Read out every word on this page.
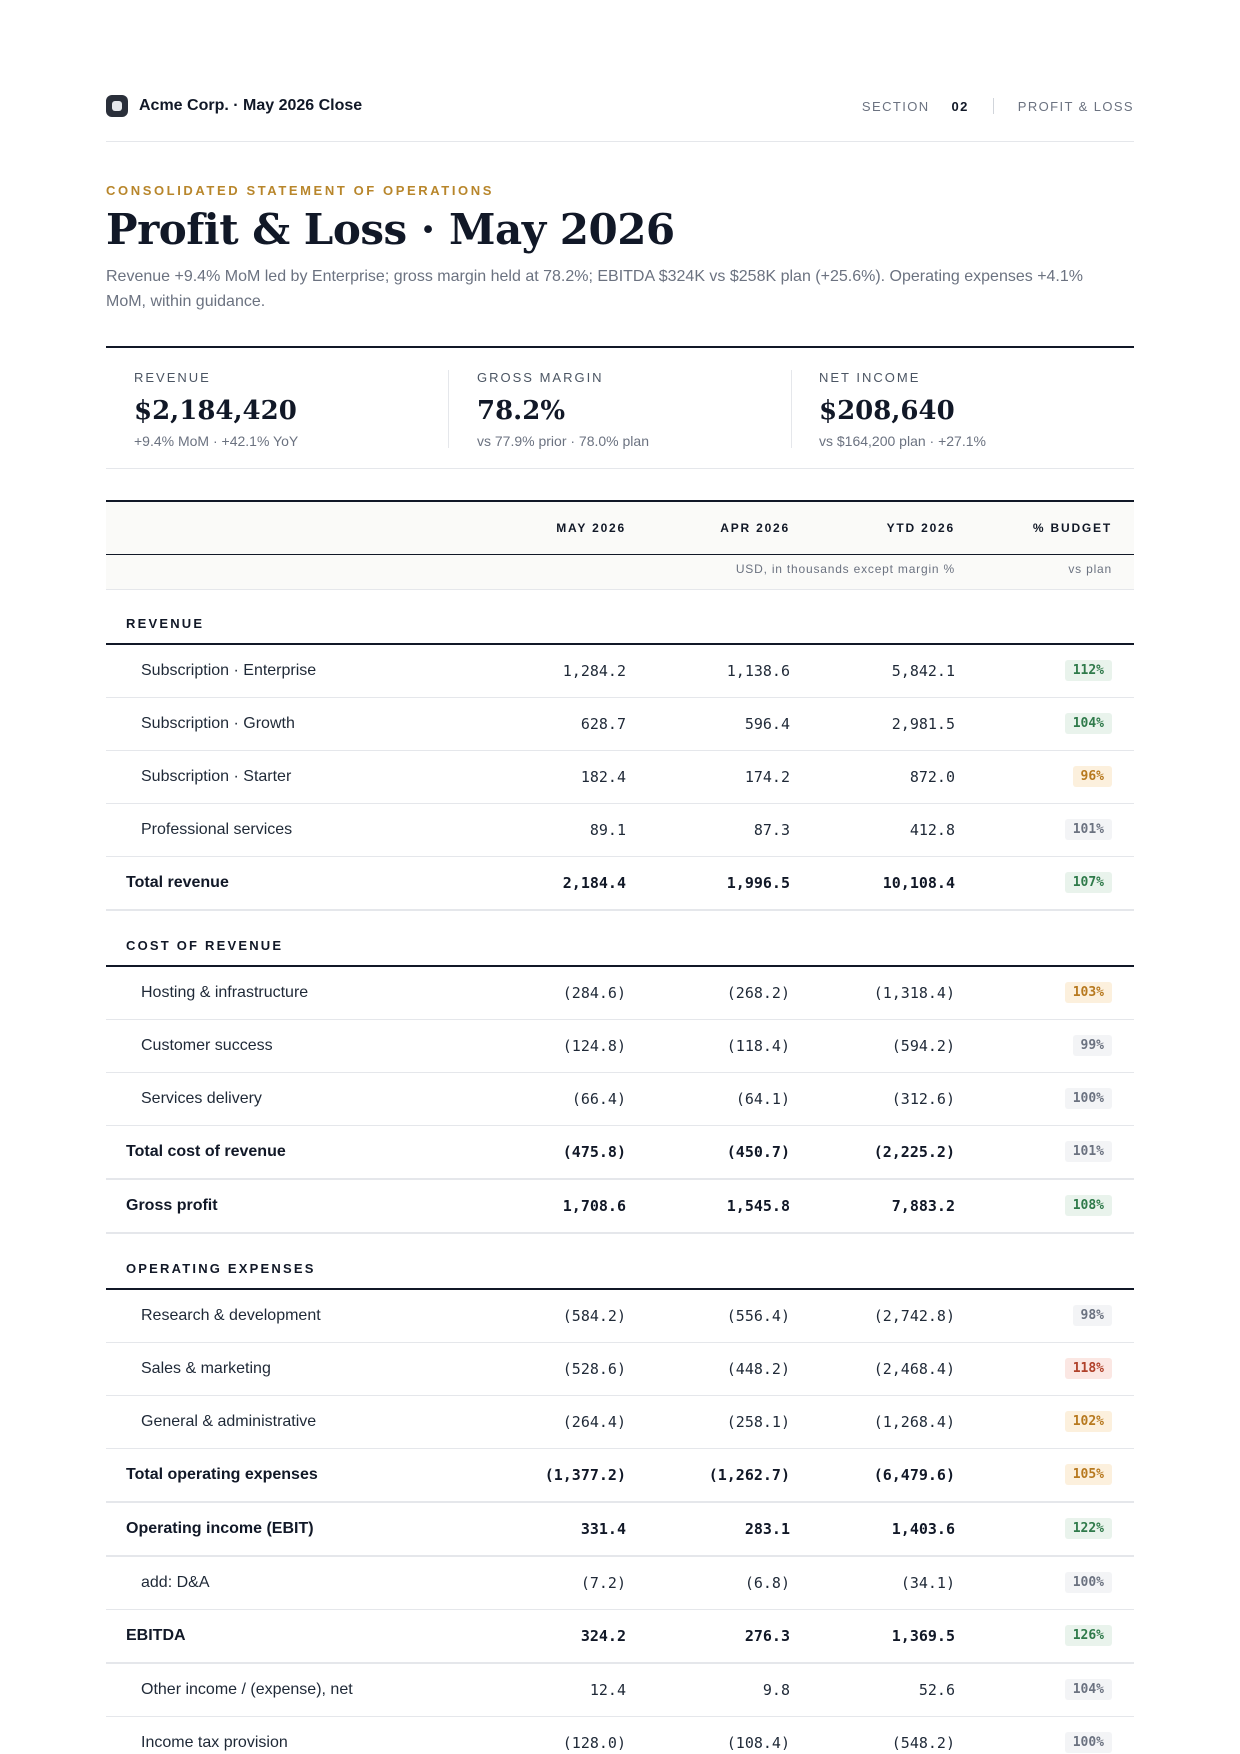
Acme Corp. · May 2026 Close	SECTION 02	PROFIT & LOSS
CONSOLIDATED STATEMENT OF OPERATIONS
Profit & Loss · May 2026

Revenue +9.4% MoM led by Enterprise; gross margin held at 78.2%; EBITDA $324K vs $258K plan (+25.6%). Operating expenses +4.1% MoM, within guidance.

REVENUE
$2,184,420
+9.4% MoM · +42.1% YoY
GROSS MARGIN
78.2%
vs 77.9% prior · 78.0% plan
NET INCOME
$208,640
vs $164,200 plan · +27.1%
MAY 2026	APR 2026	YTD 2026	% BUDGET
USD, in thousands except margin %	vs plan
REVENUE
Subscription · Enterprise	1,284.2	1,138.6	5,842.1	112%
Subscription · Growth	628.7	596.4	2,981.5	104%
Subscription · Starter	182.4	174.2	872.0	96%
Professional services	89.1	87.3	412.8	101%
Total revenue	2,184.4	1,996.5	10,108.4	107%
COST OF REVENUE
Hosting & infrastructure	(284.6)	(268.2)	(1,318.4)	103%
Customer success	(124.8)	(118.4)	(594.2)	99%
Services delivery	(66.4)	(64.1)	(312.6)	100%
Total cost of revenue	(475.8)	(450.7)	(2,225.2)	101%
Gross profit	1,708.6	1,545.8	7,883.2	108%
OPERATING EXPENSES
Research & development	(584.2)	(556.4)	(2,742.8)	98%
Sales & marketing	(528.6)	(448.2)	(2,468.4)	118%
General & administrative	(264.4)	(258.1)	(1,268.4)	102%
Total operating expenses	(1,377.2)	(1,262.7)	(6,479.6)	105%
Operating income (EBIT)	331.4	283.1	1,403.6	122%
add: D&A	(7.2)	(6.8)	(34.1)	100%
EBITDA	324.2	276.3	1,369.5	126%
Other income / (expense), net	12.4	9.8	52.6	104%
Income tax provision	(128.0)	(108.4)	(548.2)	100%
